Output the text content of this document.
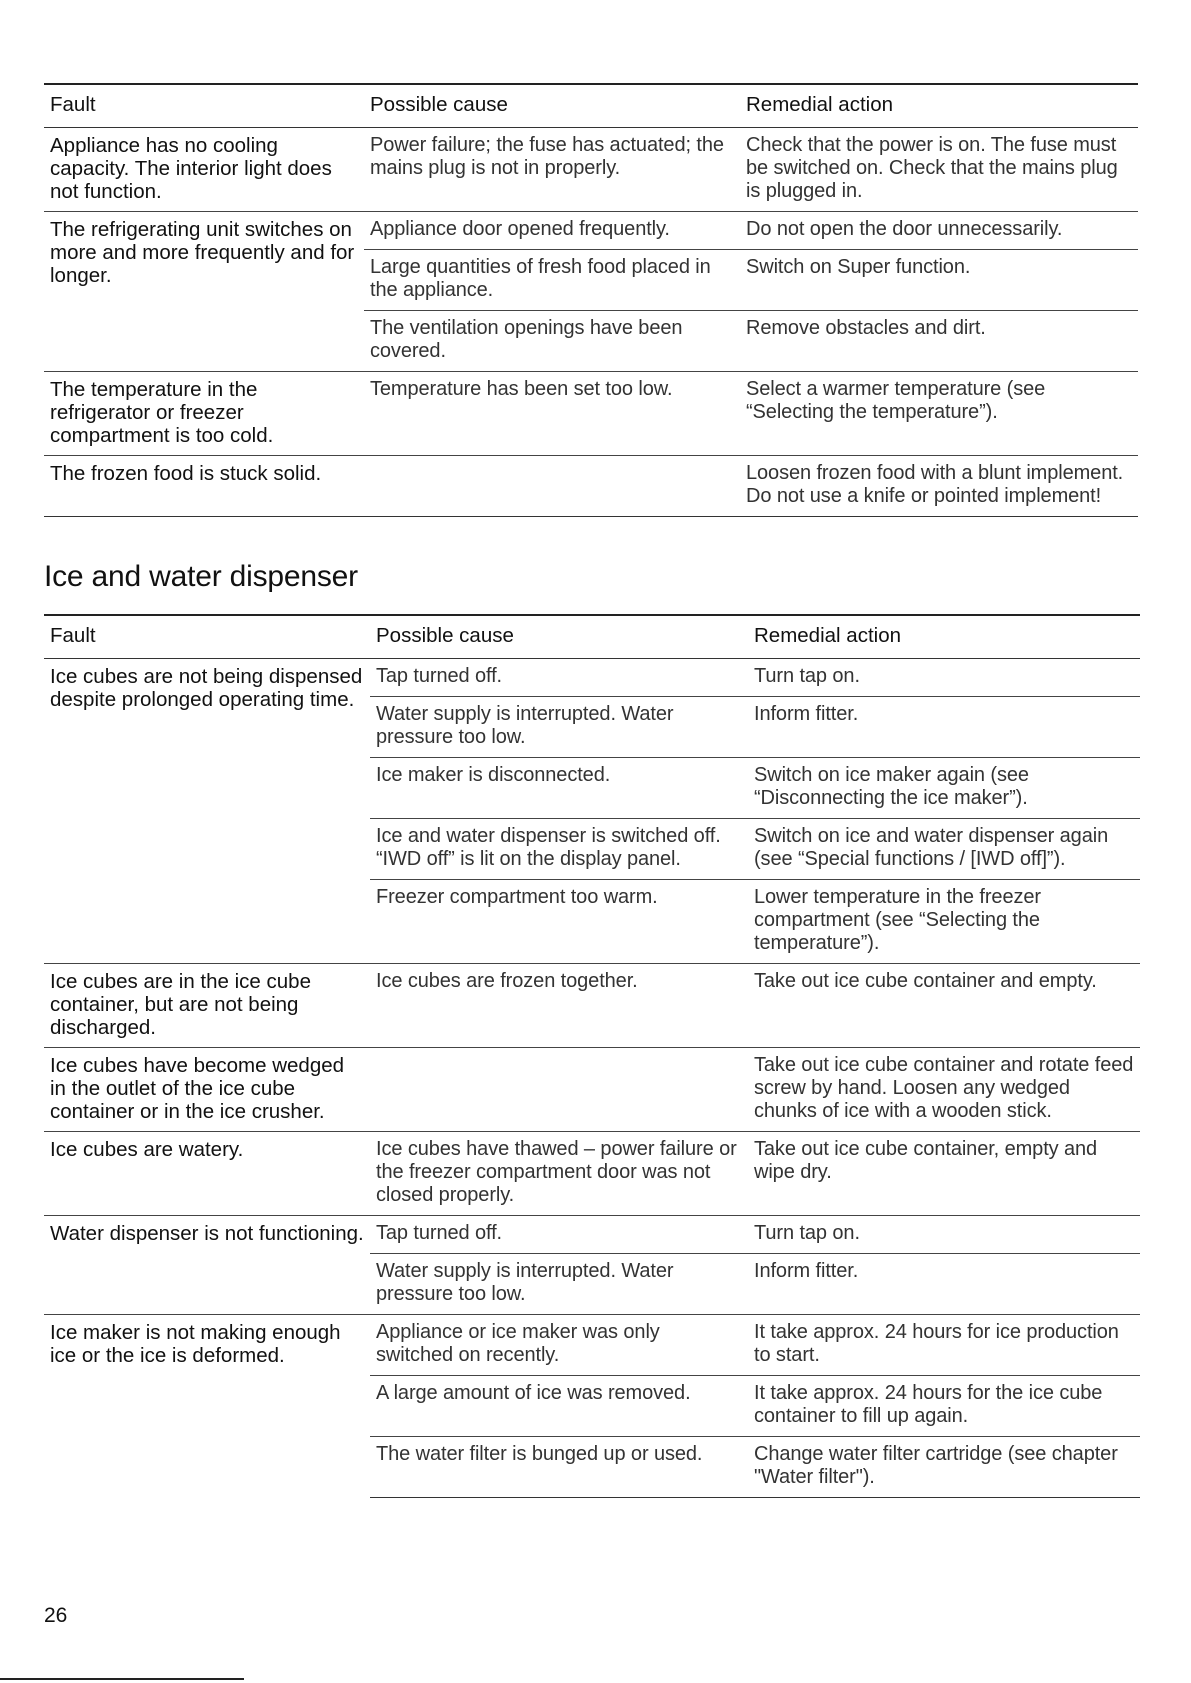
Fault	Possible cause	Remedial action
Appliance has no cooling capacity. The interior light does not function.	Power failure; the fuse has actuated; the mains plug is not in properly.	Check that the power is on. The fuse must be switched on. Check that the mains plug is plugged in.
The refrigerating unit switches on more and more frequently and for longer.	Appliance door opened frequently.	Do not open the door unnecessarily.
	Large quantities of fresh food placed in the appliance.	Switch on Super function.
	The ventilation openings have been covered.	Remove obstacles and dirt.
The temperature in the refrigerator or freezer compartment is too cold.	Temperature has been set too low.	Select a warmer temperature (see “Selecting the temperature”).
The frozen food is stuck solid.		Loosen frozen food with a blunt implement. Do not use a knife or pointed implement!
Ice and water dispenser
Fault	Possible cause	Remedial action
Ice cubes are not being dispensed despite prolonged operating time.	Tap turned off.	Turn tap on.
	Water supply is interrupted. Water pressure too low.	Inform fitter.
	Ice maker is disconnected.	Switch on ice maker again (see “Disconnecting the ice maker”).
	Ice and water dispenser is switched off. “IWD off” is lit on the display panel.	Switch on ice and water dispenser again (see “Special functions / [IWD off]”).
	Freezer compartment too warm.	Lower temperature in the freezer compartment (see “Selecting the temperature”).
Ice cubes are in the ice cube container, but are not being discharged.	Ice cubes are frozen together.	Take out ice cube container and empty.
Ice cubes have become wedged in the outlet of the ice cube container or in the ice crusher.		Take out ice cube container and rotate feed screw by hand. Loosen any wedged chunks of ice with a wooden stick.
Ice cubes are watery.	Ice cubes have thawed – power failure or the freezer compartment door was not closed properly.	Take out ice cube container, empty and wipe dry.
Water dispenser is not functioning.	Tap turned off.	Turn tap on.
	Water supply is interrupted. Water pressure too low.	Inform fitter.
Ice maker is not making enough ice or the ice is deformed.	Appliance or ice maker was only switched on recently.	It take approx. 24 hours for ice production to start.
	A large amount of ice was removed.	It take approx. 24 hours for the ice cube container to fill up again.
	The water filter is bunged up or used.	Change water filter cartridge (see chapter "Water filter").
26
